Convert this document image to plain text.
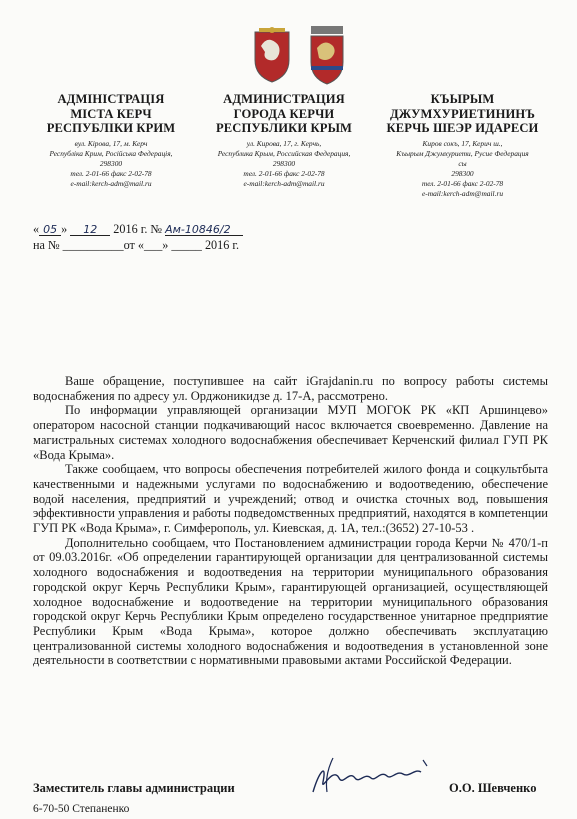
АДМІНІСТРАЦІЯ
МІСТА КЕРЧ
РЕСПУБЛІКИ КРИМ
вул. Кірова, 17, м. Керч
Республіка Крим, Російська Федерація,
298300
тел. 2-01-66 факс 2-02-78
e-mail:kerch-adm@mail.ru
АДМИНИСТРАЦИЯ
ГОРОДА КЕРЧИ
РЕСПУБЛИКИ КРЫМ
ул. Кирова, 17, г. Керчь,
Республика Крым, Российская Федерация,
298300
тел. 2-01-66 факс 2-02-78
e-mail:kerch-adm@mail.ru
КЪЫРЫМ
ДЖУМХУРИЕТИНИНЪ
КЕРЧЬ ШЕЭР ИДАРЕСИ
Киров сокъ, 17, Керич ш.,
Къырым Джумхуриети, Русие Федерация
сы
298300
тел. 2-01-66 факс 2-02-78
e-mail:kerch-adm@mail.ru
« 05 » 12 2016 г. № Ам-10846/2
на № __________от «___» _____ 2016 г.

Ваше обращение, поступившее на сайт iGrajdanin.ru по вопросу работы системы водоснабжения по адресу ул. Орджоникидзе д. 17-А, рассмотрено.

По информации управляющей организации МУП МОГОК РК «КП Аршинцево» оператором насосной станции подкачивающий насос включается своевременно. Давление на магистральных системах холодного водоснабжения обеспечивает Керченский филиал ГУП РК «Вода Крыма».

Также сообщаем, что вопросы обеспечения потребителей жилого фонда и соцкультбыта качественными и надежными услугами по водоснабжению и водоотведению, обеспечение водой населения, предприятий и учреждений; отвод и очистка сточных вод, повышения эффективности управления и работы подведомственных предприятий, находятся в компетенции ГУП РК «Вода Крыма», г. Симферополь, ул. Киевская, д. 1А, тел.:(3652) 27-10-53 .

Дополнительно сообщаем, что Постановлением администрации города Керчи № 470/1-п от 09.03.2016г. «Об определении гарантирующей организации для централизованной системы холодного водоснабжения и водоотведения на территории муниципального образования городской округ Керчь Республики Крым», гарантирующей организацией, осуществляющей холодное водоснабжение и водоотведение на территории муниципального образования городской округ Керчь Республики Крым определено государственное унитарное предприятие Республики Крым «Вода Крыма», которое должно обеспечивать эксплуатацию централизованной системы холодного водоснабжения и водоотведения в установленной зоне деятельности в соответствии с нормативными правовыми актами Российской Федерации.

Заместитель главы администрации	О.О. Шевченко
6-70-50 Степаненко
